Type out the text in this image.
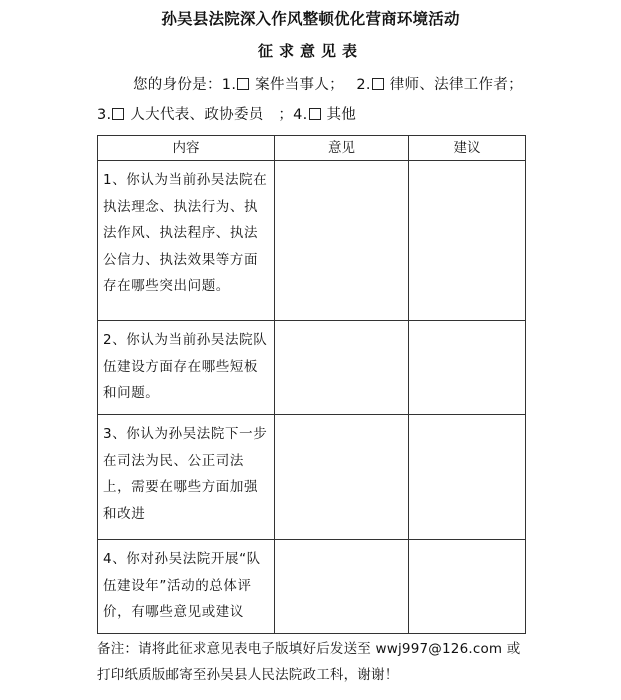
孙吴县法院深入作风整顿优化营商环境活动
征求意见表
您的身份是：1. 案件当事人；　 2. 律师、法律工作者；3. 人大代表、政协委员　；4. 其他
内容	意见	建议
1、你认为当前孙吴法院在执法理念、执法行为、执法作风、执法程序、执法公信力、执法效果等方面存在哪些突出问题。		
2、你认为当前孙吴法院队伍建设方面存在哪些短板和问题。		
3、你认为孙吴法院下一步在司法为民、公正司法上，需要在哪些方面加强和改进		
4、你对孙吴法院开展“队伍建设年”活动的总体评价，有哪些意见或建议		
备注：请将此征求意见表电子版填好后发送至 wwj997@126.com 或打印纸质版邮寄至孙吴县人民法院政工科，谢谢！
